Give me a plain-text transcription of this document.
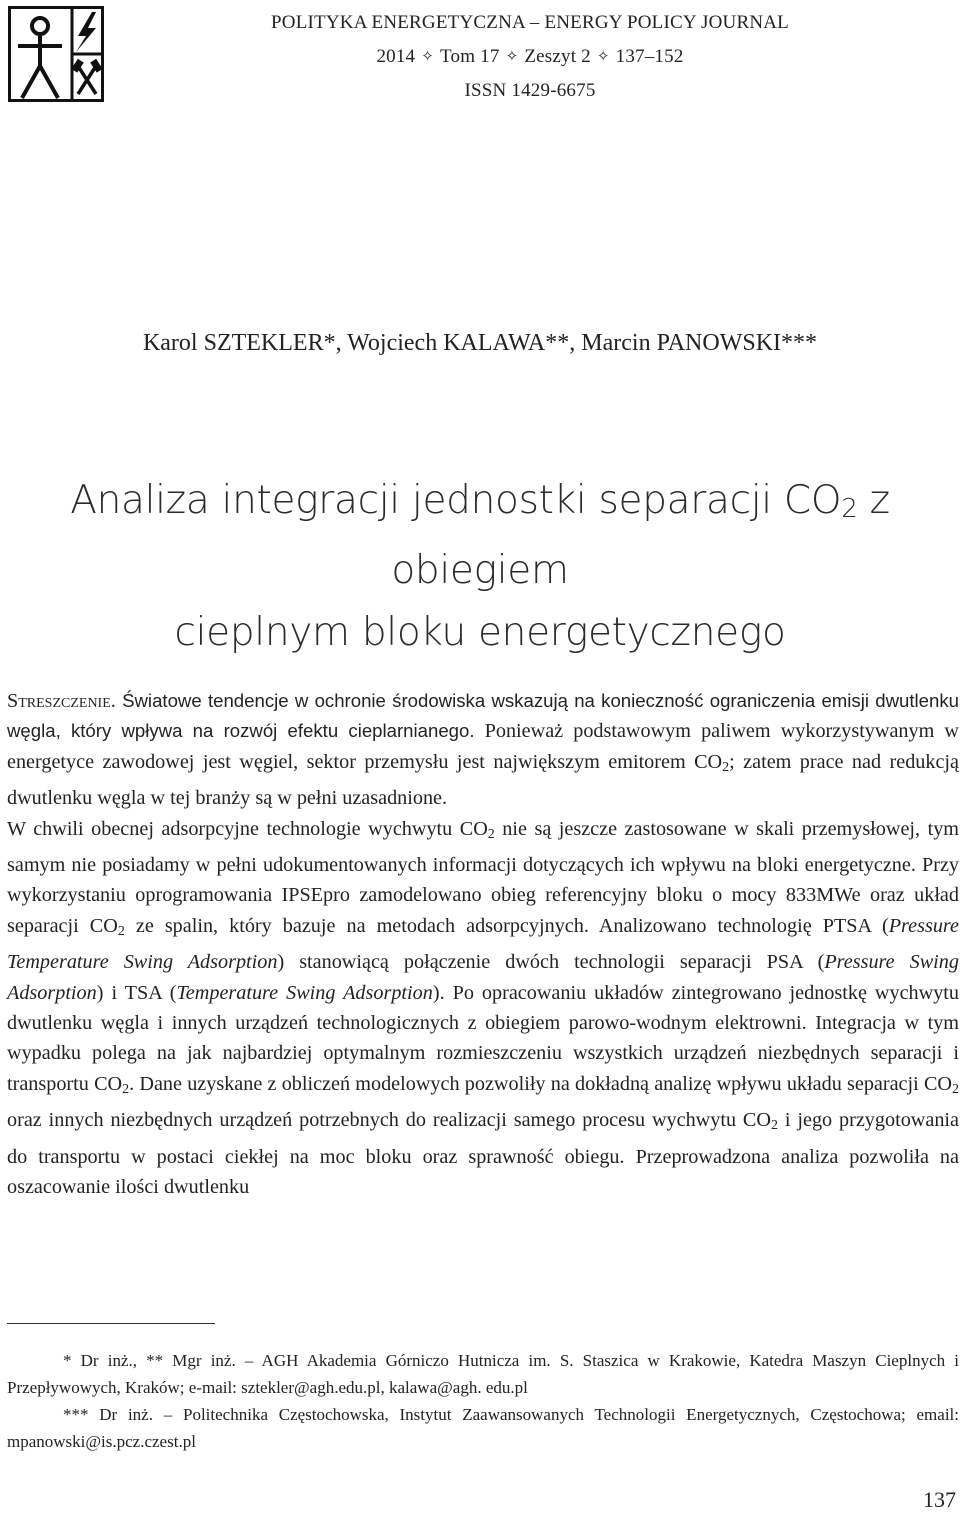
POLITYKA ENERGETYCZNA – ENERGY POLICY JOURNAL
2014 ✧ Tom 17 ✧ Zeszyt 2 ✧ 137–152
ISSN 1429-6675
Karol SZTEKLER*, Wojciech KALAWA**, Marcin PANOWSKI***
Analiza integracji jednostki separacji $CO_2$ z obiegiem
cieplnym bloku energetycznego

Streszczenie. Światowe tendencje w ochronie środowiska wskazują na konieczność ograniczenia emisji dwutlenku węgla, który wpływa na rozwój efektu cieplarnianego. Ponieważ podstawowym paliwem wykorzystywanym w energetyce zawodowej jest węgiel, sektor przemysłu jest największym emitorem $CO_2$; zatem prace nad redukcją dwutlenku węgla w tej branży są w pełni uzasadnione.

W chwili obecnej adsorpcyjne technologie wychwytu $CO_2$ nie są jeszcze zastosowane w skali przemysłowej, tym samym nie posiadamy w pełni udokumentowanych informacji dotyczących ich wpływu na bloki energetyczne. Przy wykorzystaniu oprogramowania IPSEpro zamodelowano obieg referencyjny bloku o mocy 833MWe oraz układ separacji $CO_2$ ze spalin, który bazuje na metodach adsorpcyjnych. Analizowano technologię PTSA (Pressure Temperature Swing Adsorption) stanowiącą połączenie dwóch technologii separacji PSA (Pressure Swing Adsorption) i TSA (Temperature Swing Adsorption). Po opracowaniu układów zintegrowano jednostkę wychwytu dwutlenku węgla i innych urządzeń technologicznych z obiegiem parowo-wodnym elektrowni. Integracja w tym wypadku polega na jak najbardziej optymalnym rozmieszczeniu wszystkich urządzeń niezbędnych separacji i transportu $CO_2$. Dane uzyskane z obliczeń modelowych pozwoliły na dokładną analizę wpływu układu separacji $CO_2$ oraz innych niezbędnych urządzeń potrzebnych do realizacji samego procesu wychwytu $CO_2$ i jego przygotowania do transportu w postaci ciekłej na moc bloku oraz sprawność obiegu. Przeprowadzona analiza pozwoliła na oszacowanie ilości dwutlenku

* Dr inż., ** Mgr inż. – AGH Akademia Górniczo Hutnicza im. S. Staszica w Krakowie, Katedra Maszyn Cieplnych i Przepływowych, Kraków; e-mail: sztekler@agh.edu.pl, kalawa@agh. edu.pl

*** Dr inż. – Politechnika Częstochowska, Instytut Zaawansowanych Technologii Energetycznych, Częstochowa; email: mpanowski@is.pcz.czest.pl

137
